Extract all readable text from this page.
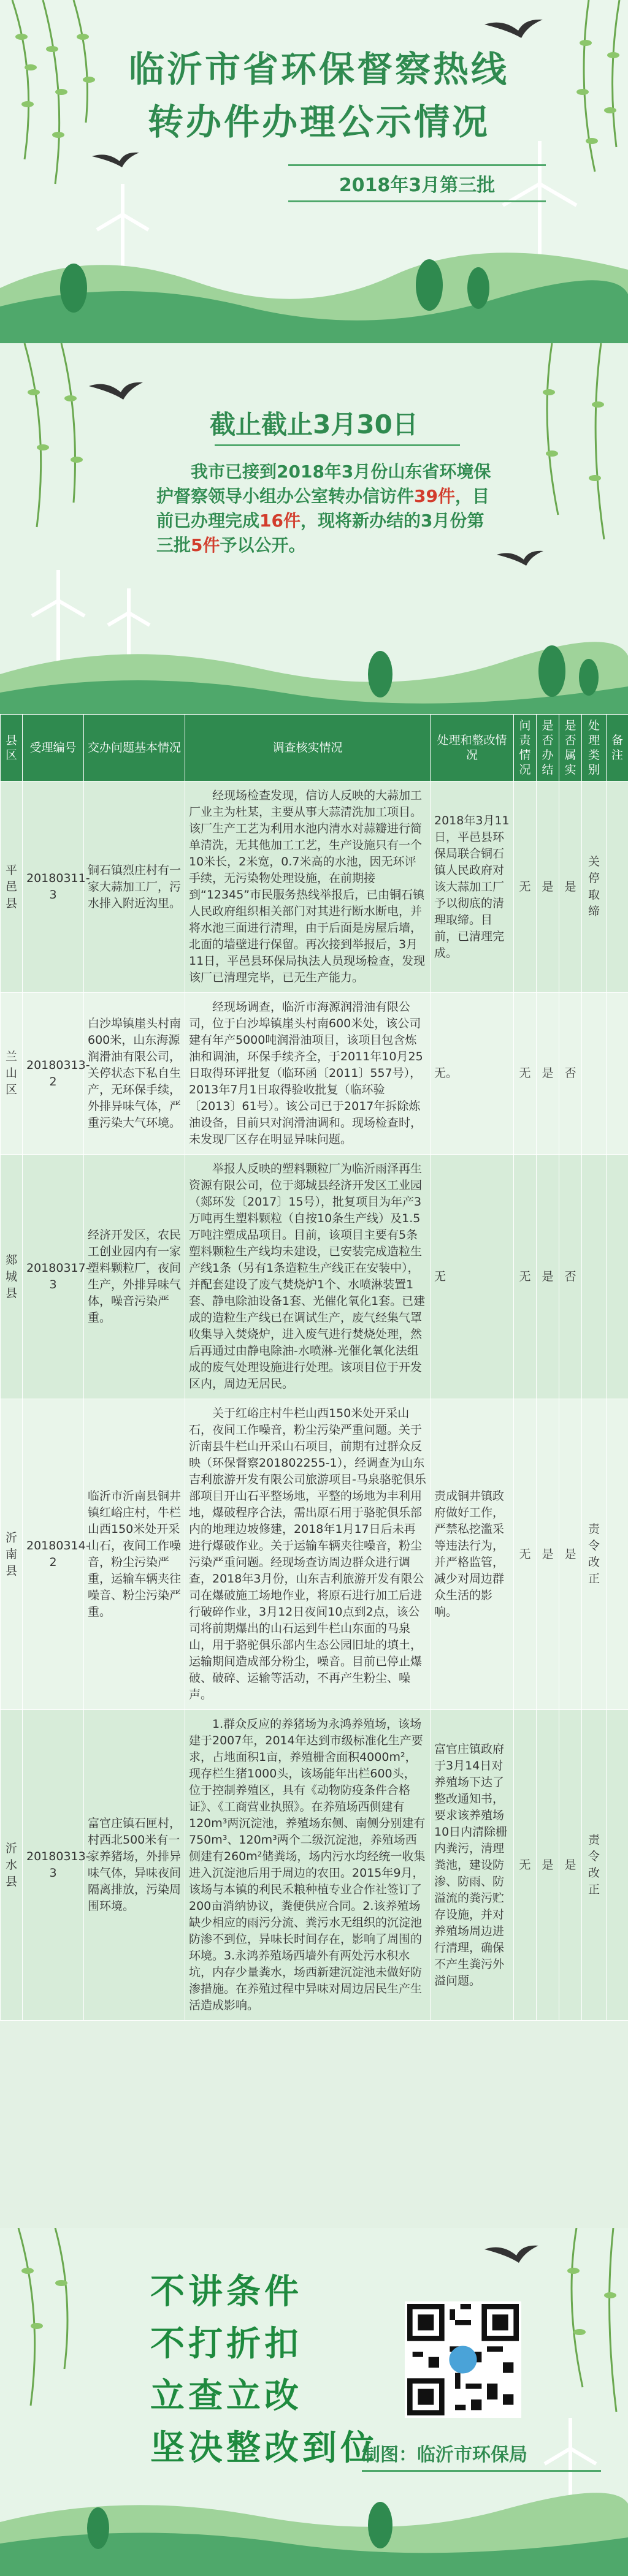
临沂市省环保督察热线
转办件办理公示情况
2018年3月第三批
截止截止3月30日
我市已接到2018年3月份山东省环境保护督察领导小组办公室转办信访件39件，目前已办理完成16件，现将新办结的3月份第三批5件予以公开。
县区	受理编号	交办问题基本情况	调查核实情况	处理和整改情况	问责情况	是否办结	是否属实	处理类别	备注
平邑县	20180311-3	铜石镇烈庄村有一家大蒜加工厂，污水排入附近沟里。	经现场检查发现，信访人反映的大蒜加工厂业主为杜某，主要从事大蒜清洗加工项目。该厂生产工艺为利用水池内清水对蒜瓣进行简单清洗，无其他加工工艺，生产设施只有一个10米长，2米宽，0.7米高的水池，因无环评手续，无污染物处理设施，在前期接到“12345”市民服务热线举报后，已由铜石镇人民政府组织相关部门对其进行断水断电，并将水池三面进行清理，由于后面是房屋后墙，北面的墙壁进行保留。再次接到举报后，3月11日，平邑县环保局执法人员现场检查，发现该厂已清理完毕，已无生产能力。	2018年3月11日，平邑县环保局联合铜石镇人民政府对该大蒜加工厂予以彻底的清理取缔。目前，已清理完成。	无	是	是	关停取缔	
兰山区	20180313-2	白沙埠镇崖头村南600米，山东海源润滑油有限公司，关停状态下私自生产，无环保手续，外排异味气体，严重污染大气环境。	经现场调查，临沂市海源润滑油有限公司，位于白沙埠镇崖头村南600米处，该公司建有年产5000吨润滑油项目，该项目包含炼油和调油，环保手续齐全，于2011年10月25日取得环评批复（临环函〔2011〕557号），2013年7月1日取得验收批复（临环验〔2013〕61号）。该公司已于2017年拆除炼油设备，目前只对润滑油调和。现场检查时，未发现厂区存在明显异味问题。	无。	无	是	否		
郯城县	20180317-3	经济开发区，农民工创业园内有一家塑料颗粒厂，夜间生产，外排异味气体，噪音污染严重。	举报人反映的塑料颗粒厂为临沂雨泽再生资源有限公司，位于郯城县经济开发区工业园（郯环发〔2017〕15号），批复项目为年产3万吨再生塑料颗粒（自按10条生产线）及1.5万吨注塑成品项目。目前，该项目主要有5条塑料颗粒生产线均未建设，已安装完成造粒生产线1条（另有1条造粒生产线正在安装中），并配套建设了废气焚烧炉1个、水喷淋装置1套、静电除油设备1套、光催化氧化1套。已建成的造粒生产线已在调试生产，废气经集气罩收集导入焚烧炉，进入废气进行焚烧处理，然后再通过由静电除油-水喷淋-光催化氧化法组成的废气处理设施进行处理。该项目位于开发区内，周边无居民。	无	无	是	否		
沂南县	20180314-2	临沂市沂南县铜井镇红峪庄村，牛栏山西150米处开采山石，夜间工作噪音，粉尘污染严重，运输车辆夹往噪音、粉尘污染严重。	关于红峪庄村牛栏山西150米处开采山石，夜间工作噪音，粉尘污染严重问题。关于沂南县牛栏山开采山石项目，前期有过群众反映（环保督察201802255-1），经调查为山东吉利旅游开发有限公司旅游项目-马泉骆驼俱乐部项目开山石平整场地，平整的场地为丰利用地，爆破程序合法，需出原石用于骆驼俱乐部内的地理边坡修建，2018年1月17日后未再进行爆破作业。关于运输车辆夹往噪音，粉尘污染严重问题。经现场查访周边群众进行调查，2018年3月份，山东吉利旅游开发有限公司在爆破施工场地作业，将原石进行加工后进行破碎作业，3月12日夜间10点到2点，该公司将前期爆出的山石运到牛栏山东面的马泉山，用于骆驼俱乐部内生态公园旧址的填土，运输期间造成部分粉尘，噪音。目前已停止爆破、破碎、运输等活动，不再产生粉尘、噪声。	责成铜井镇政府做好工作，严禁私挖滥采等违法行为，并严格监管，减少对周边群众生活的影响。	无	是	是	责令改正	
沂水县	20180313-3	富官庄镇石匣村，村西北500米有一家养猪场，外排异味气体，异味夜间隔离排放，污染周围环境。	1.群众反应的养猪场为永鸿养殖场，该场建于2007年，2014年达到市级标准化生产要求，占地面积1亩，养殖栅舍面积4000m²，现存栏生猪1000头，该场能年出栏600头，位于控制养殖区，具有《动物防疫条件合格证》、《工商营业执照》。在养殖场西侧建有120m³两沉淀池，养殖场东侧、南侧分别建有750m³、120m³两个二级沉淀池，养殖场西侧建有260m²储粪场，场内污水均经统一收集进入沉淀池后用于周边的农田。2015年9月，该场与本镇的利民禾粮种植专业合作社签订了200亩消纳协议，粪便供应合同。2.该养殖场缺少相应的雨污分流、粪污水无组织的沉淀池防渗不到位，异味长时间存在，影响了周围的环境。3.永鸿养殖场西墙外有两处污水积水坑，内存少量粪水，场西新建沉淀池未做好防渗措施。在养殖过程中异味对周边居民生产生活造成影响。	富官庄镇政府于3月14日对养殖场下达了整改通知书，要求该养殖场10日内清除栅内粪污，清理粪池，建设防渗、防雨、防溢流的粪污贮存设施，并对养殖场周边进行清理，确保不产生粪污外溢问题。	无	是	是	责令改正	
不讲条件
不打折扣
立查立改
坚决整改到位
制图：临沂市环保局
